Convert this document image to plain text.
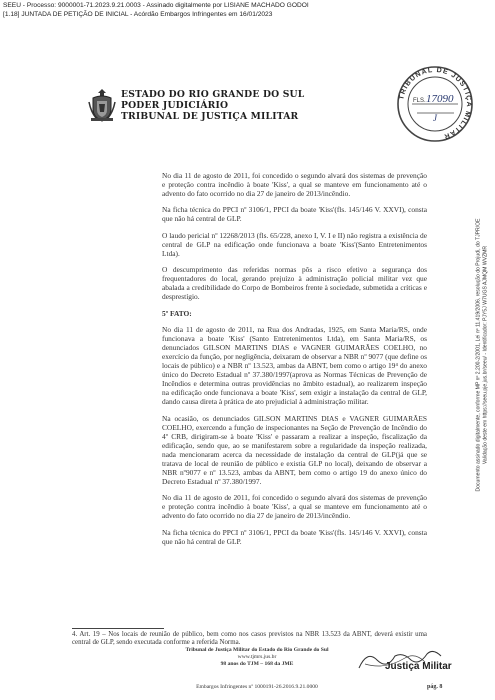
SEEU - Processo: 9000001-71.2023.9.21.0003 - Assinado digitalmente por LISIANE MACHADO GODOI
[1.18] JUNTADA DE PETIÇÃO DE INICIAL - Acórdão Embargos Infringentes em 16/01/2023
Documento assinado digitalmente, conforme MP nº 2.200-2/2001, Lei nº 11.419/2006, resolução do Projudi, do TJPR/OE Validação deste em https://seeu.pje.jus.br/seeu/ - Identificador: PJY5J W7UGS AJMQM WVZMR
ESTADO DO RIO GRANDE DO SUL
PODER JUDICIÁRIO
TRIBUNAL DE JUSTIÇA MILITAR
TRIBUNAL DE JUSTIÇA MILITAR
FLS. 17090
J

No dia 11 de agosto de 2011, foi concedido o segundo alvará dos sistemas de prevenção e proteção contra incêndio à boate 'Kiss', a qual se manteve em funcionamento até o advento do fato ocorrido no dia 27 de janeiro de 2013/incêndio.

Na ficha técnica do PPCI nº 3106/1, PPCI da boate 'Kiss'(fls. 145/146 V. XXVI), consta que não há central de GLP.

O laudo pericial nº 12268/2013 (fls. 65/228, anexo I, V. I e II) não registra a existência de central de GLP na edificação onde funcionava a boate 'Kiss'(Santo Entretenimentos Ltda).

O descumprimento das referidas normas pôs a risco efetivo a segurança dos frequentadores do local, gerando prejuízo à administração policial militar vez que abalada a credibilidade do Corpo de Bombeiros frente à sociedade, submetida a críticas e desprestígio.

5º FATO:

No dia 11 de agosto de 2011, na Rua dos Andradas, 1925, em Santa Maria/RS, onde funcionava a boate 'Kiss' (Santo Entretenimentos Ltda), em Santa Maria/RS, os denunciados GILSON MARTINS DIAS e VAGNER GUIMARÃES COELHO, no exercício da função, por negligência, deixaram de observar a NBR nº 9077 (que define os locais de público) e a NBR nº 13.523, ambas da ABNT, bem como o artigo 19⁴ do anexo único do Decreto Estadual nº 37.380/1997(aprova as Normas Técnicas de Prevenção de Incêndios e determina outras providências no âmbito estadual), ao realizarem inspeção na edificação onde funcionava a boate 'Kiss', sem exigir a instalação da central de GLP, dando causa direta à prática de ato prejudicial à administração militar.

Na ocasião, os denunciados GILSON MARTINS DIAS e VAGNER GUIMARÃES COELHO, exercendo a função de inspecionantes na Seção de Prevenção de Incêndio do 4º CRB, dirigiram-se à boate 'Kiss' e passaram a realizar a inspeção, fiscalização da edificação, sendo que, ao se manifestarem sobre a regularidade da inspeção realizada, nada mencionaram acerca da necessidade de instalação da central de GLP(já que se tratava de local de reunião de público e existia GLP no local), deixando de observar a NBR nº9077 e nº 13.523, ambas da ABNT, bem como o artigo 19 do anexo único do Decreto Estadual nº 37.380/1997.

No dia 11 de agosto de 2011, foi concedido o segundo alvará dos sistemas de prevenção e proteção contra incêndio à boate 'Kiss', a qual se manteve em funcionamento até o advento do fato ocorrido no dia 27 de janeiro de 2013/incêndio.

Na ficha técnica do PPCI nº 3106/1, PPCI da boate 'Kiss'(fls. 145/146 V. XXVI), consta que não há central de GLP.

4. Art. 19 – Nos locais de reunião de público, bem como nos casos previstos na NBR 13.523 da ABNT, deverá existir uma central de GLP, sendo executada conforme a referida Norma.
Tribunal de Justiça Militar do Estado do Rio Grande do Sul
www.tjmrs.jus.br
98 anos do TJM – 168 da JME	Justiça Militar
Embargos Infringentes nº 1000191-26.2016.9.21.0000	pág. 8
